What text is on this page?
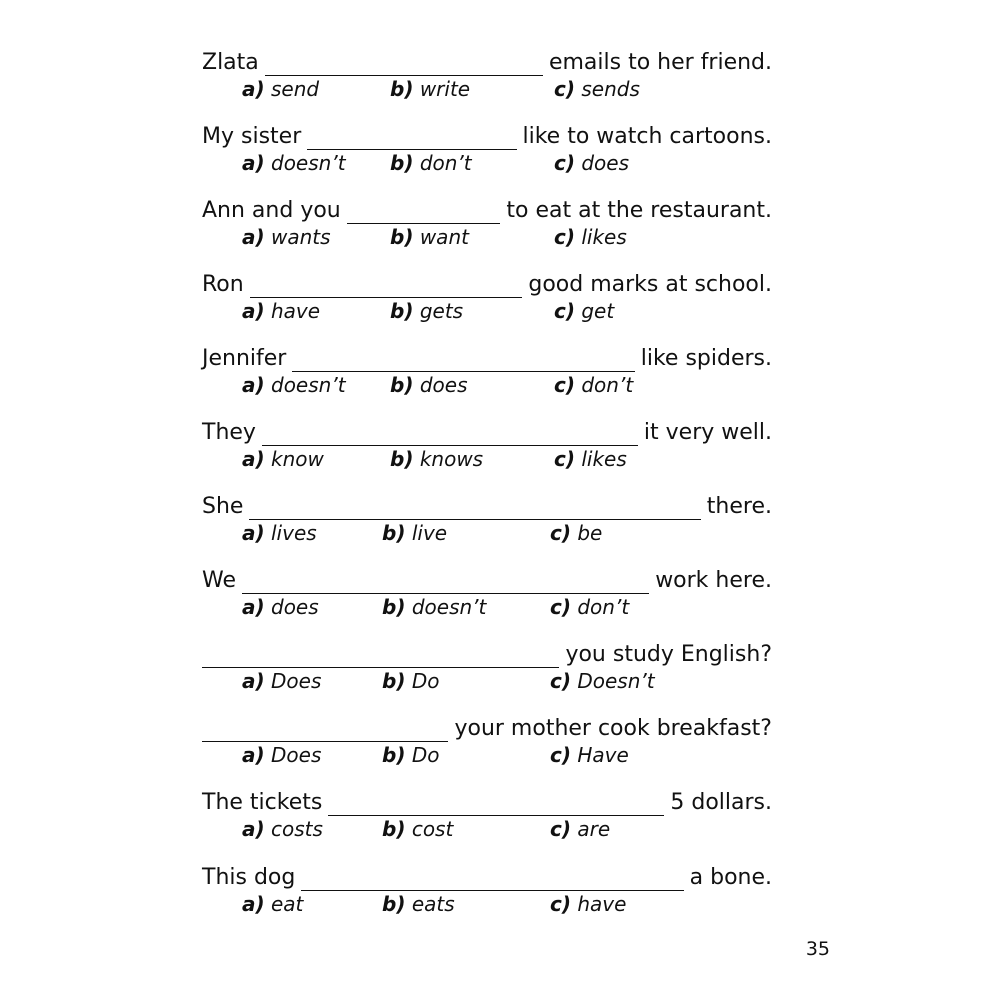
Zlata	emails to her friend.
a) send	b) write	c) sends
My sister	like to watch cartoons.
a) doesn’t b) don’t	c) does
Ann and you	to eat at the restaurant.
a) wants	b) want	c) likes
Ron	good marks at school.
a) have	b) gets	c) get
Jennifer	like spiders.
a) doesn’t b) does	c) don’t
They	it very well.
a) know	b) knows	c) likes
She	there.
a) lives	b) live	c) be
We	work here.
a) does	b) doesn’t	c) don’t
you study English?
a) Does	b) Do	c) Doesn’t
your mother cook breakfast?
a) Does	b) Do	c) Have
The tickets	5 dollars.
a) costs	b) cost	c) are
This dog	a bone.
a) eat	b) eats	c) have
35
